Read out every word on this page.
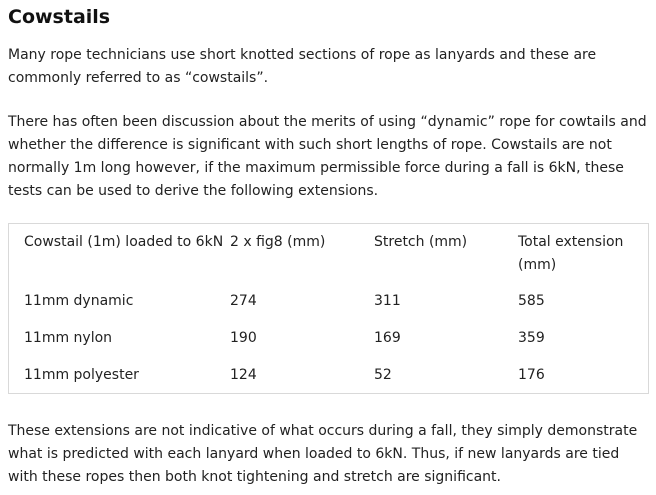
Cowstails

Many rope technicians use short knotted sections of rope as lanyards and these are commonly referred to as “cowstails”.

There has often been discussion about the merits of using “dynamic” rope for cowtails and whether the difference is significant with such short lengths of rope. Cowstails are not normally 1m long however, if the maximum permissible force during a fall is 6kN, these tests can be used to derive the following extensions.

Cowstail (1m) loaded to 6kN	2 x fig8 (mm)	Stretch (mm)	Total extension (mm)
11mm dynamic	274	311	585
11mm nylon	190	169	359
11mm polyester	124	52	176

These extensions are not indicative of what occurs during a fall, they simply demonstrate what is predicted with each lanyard when loaded to 6kN. Thus, if new lanyards are tied with these ropes then both knot tightening and stretch are significant.
